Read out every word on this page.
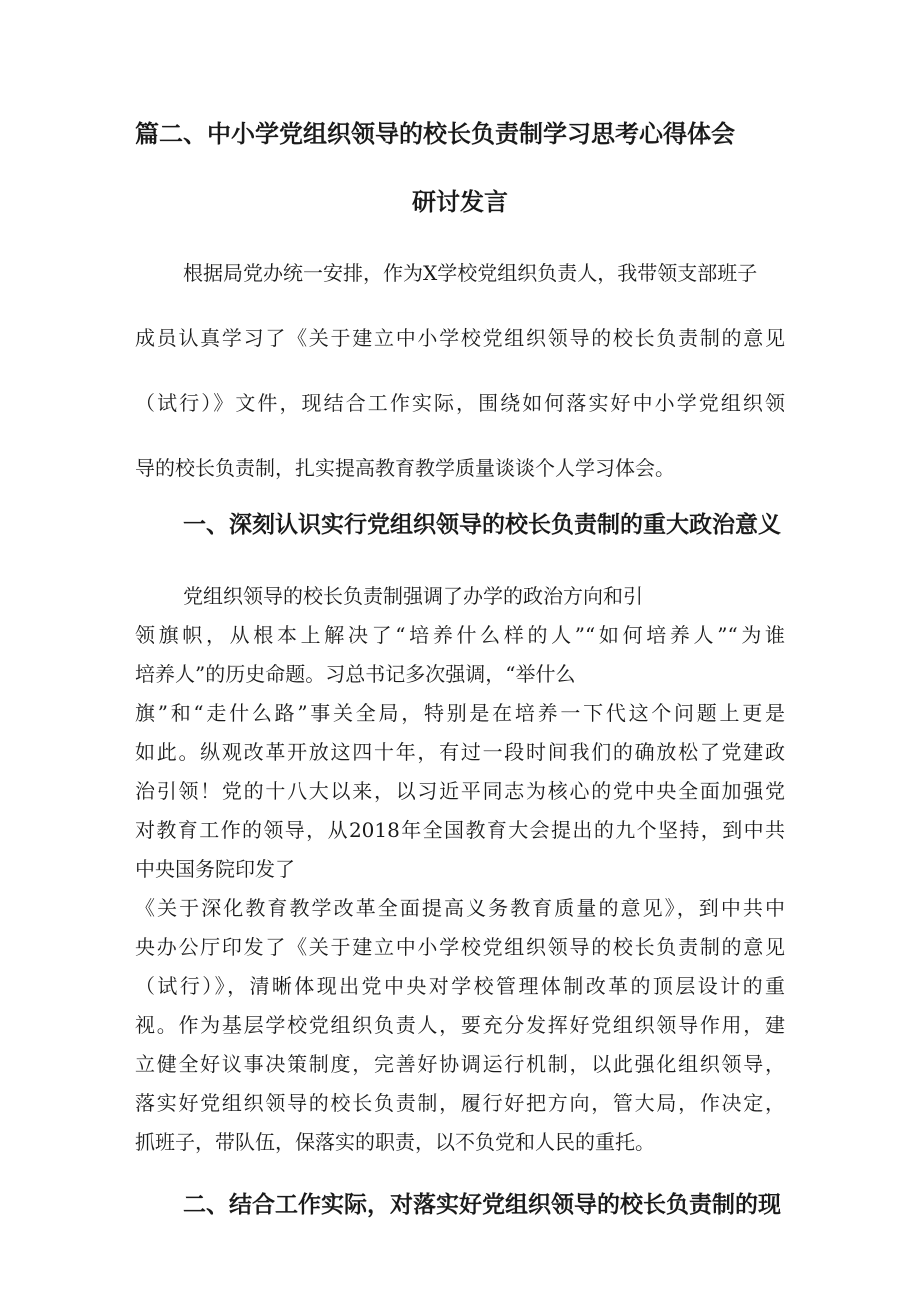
篇二、中小学党组织领导的校长负责制学习思考心得体会
研讨发言
根据局党办统一安排，作为X学校党组织负责人，我带领支部班子
成员认真学习了《关于建立中小学校党组织领导的校长负责制的意见
（试行）》文件，现结合工作实际，围绕如何落实好中小学党组织领
导的校长负责制，扎实提高教育教学质量谈谈个人学习体会。
一、深刻认识实行党组织领导的校长负责制的重大政治意义
党组织领导的校长负责制强调了办学的政治方向和引
领旗帜，从根本上解决了“培养什么样的人”“如何培养人”“为谁
培养人”的历史命题。习总书记多次强调，“举什么
旗”和“走什么路”事关全局，特别是在培养一下代这个问题上更是
如此。纵观改革开放这四十年，有过一段时间我们的确放松了党建政
治引领！党的十八大以来，以习近平同志为核心的党中央全面加强党
对教育工作的领导，从2018年全国教育大会提出的九个坚持，到中共
中央国务院印发了
《关于深化教育教学改革全面提高义务教育质量的意见》，到中共中
央办公厅印发了《关于建立中小学校党组织领导的校长负责制的意见
（试行）》，清晰体现出党中央对学校管理体制改革的顶层设计的重
视。作为基层学校党组织负责人，要充分发挥好党组织领导作用，建
立健全好议事决策制度，完善好协调运行机制，以此强化组织领导，
落实好党组织领导的校长负责制，履行好把方向，管大局，作决定，
抓班子，带队伍，保落实的职责，以不负党和人民的重托。
二、结合工作实际，对落实好党组织领导的校长负责制的现
